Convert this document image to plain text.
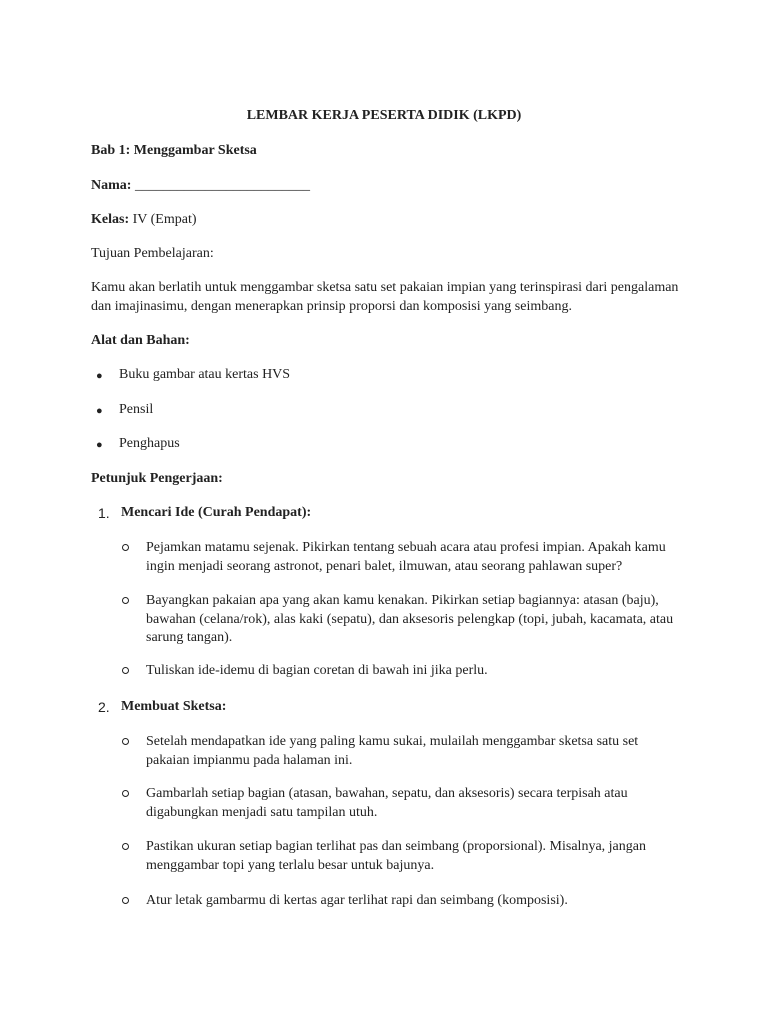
LEMBAR KERJA PESERTA DIDIK (LKPD)
Bab 1: Menggambar Sketsa
Nama: _________________________
Kelas: IV (Empat)
Tujuan Pembelajaran:
Kamu akan berlatih untuk menggambar sketsa satu set pakaian impian yang terinspirasi dari pengalaman dan imajinasimu, dengan menerapkan prinsip proporsi dan komposisi yang seimbang.
Alat dan Bahan:
● Buku gambar atau kertas HVS
● Pensil
● Penghapus
Petunjuk Pengerjaan:
1. Mencari Ide (Curah Pendapat):
Pejamkan matamu sejenak. Pikirkan tentang sebuah acara atau profesi impian. Apakah kamu ingin menjadi seorang astronot, penari balet, ilmuwan, atau seorang pahlawan super?
Bayangkan pakaian apa yang akan kamu kenakan. Pikirkan setiap bagiannya: atasan (baju), bawahan (celana/rok), alas kaki (sepatu), dan aksesoris pelengkap (topi, jubah, kacamata, atau sarung tangan).
Tuliskan ide-idemu di bagian coretan di bawah ini jika perlu.
2. Membuat Sketsa:
Setelah mendapatkan ide yang paling kamu sukai, mulailah menggambar sketsa satu set pakaian impianmu pada halaman ini.
Gambarlah setiap bagian (atasan, bawahan, sepatu, dan aksesoris) secara terpisah atau digabungkan menjadi satu tampilan utuh.
Pastikan ukuran setiap bagian terlihat pas dan seimbang (proporsional). Misalnya, jangan menggambar topi yang terlalu besar untuk bajunya.
Atur letak gambarmu di kertas agar terlihat rapi dan seimbang (komposisi).
